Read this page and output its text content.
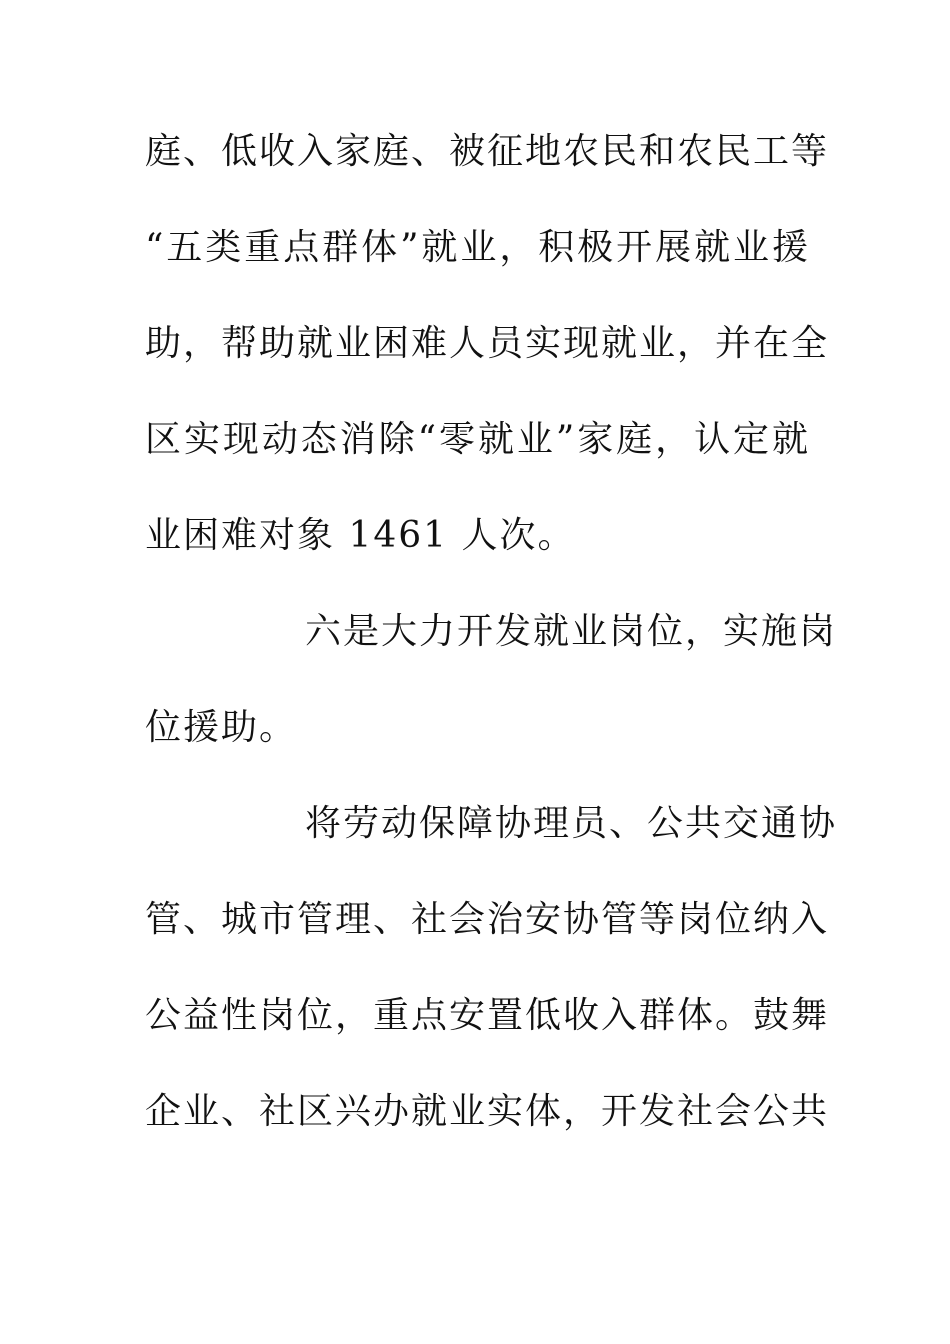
庭、低收入家庭、被征地农民和农民工等
“五类重点群体”就业，积极开展就业援
助，帮助就业困难人员实现就业，并在全
区实现动态消除“零就业”家庭，认定就
业困难对象 1461 人次。
六是大力开发就业岗位，实施岗
位援助。
将劳动保障协理员、公共交通协
管、城市管理、社会治安协管等岗位纳入
公益性岗位，重点安置低收入群体。鼓舞
企业、社区兴办就业实体，开发社会公共
